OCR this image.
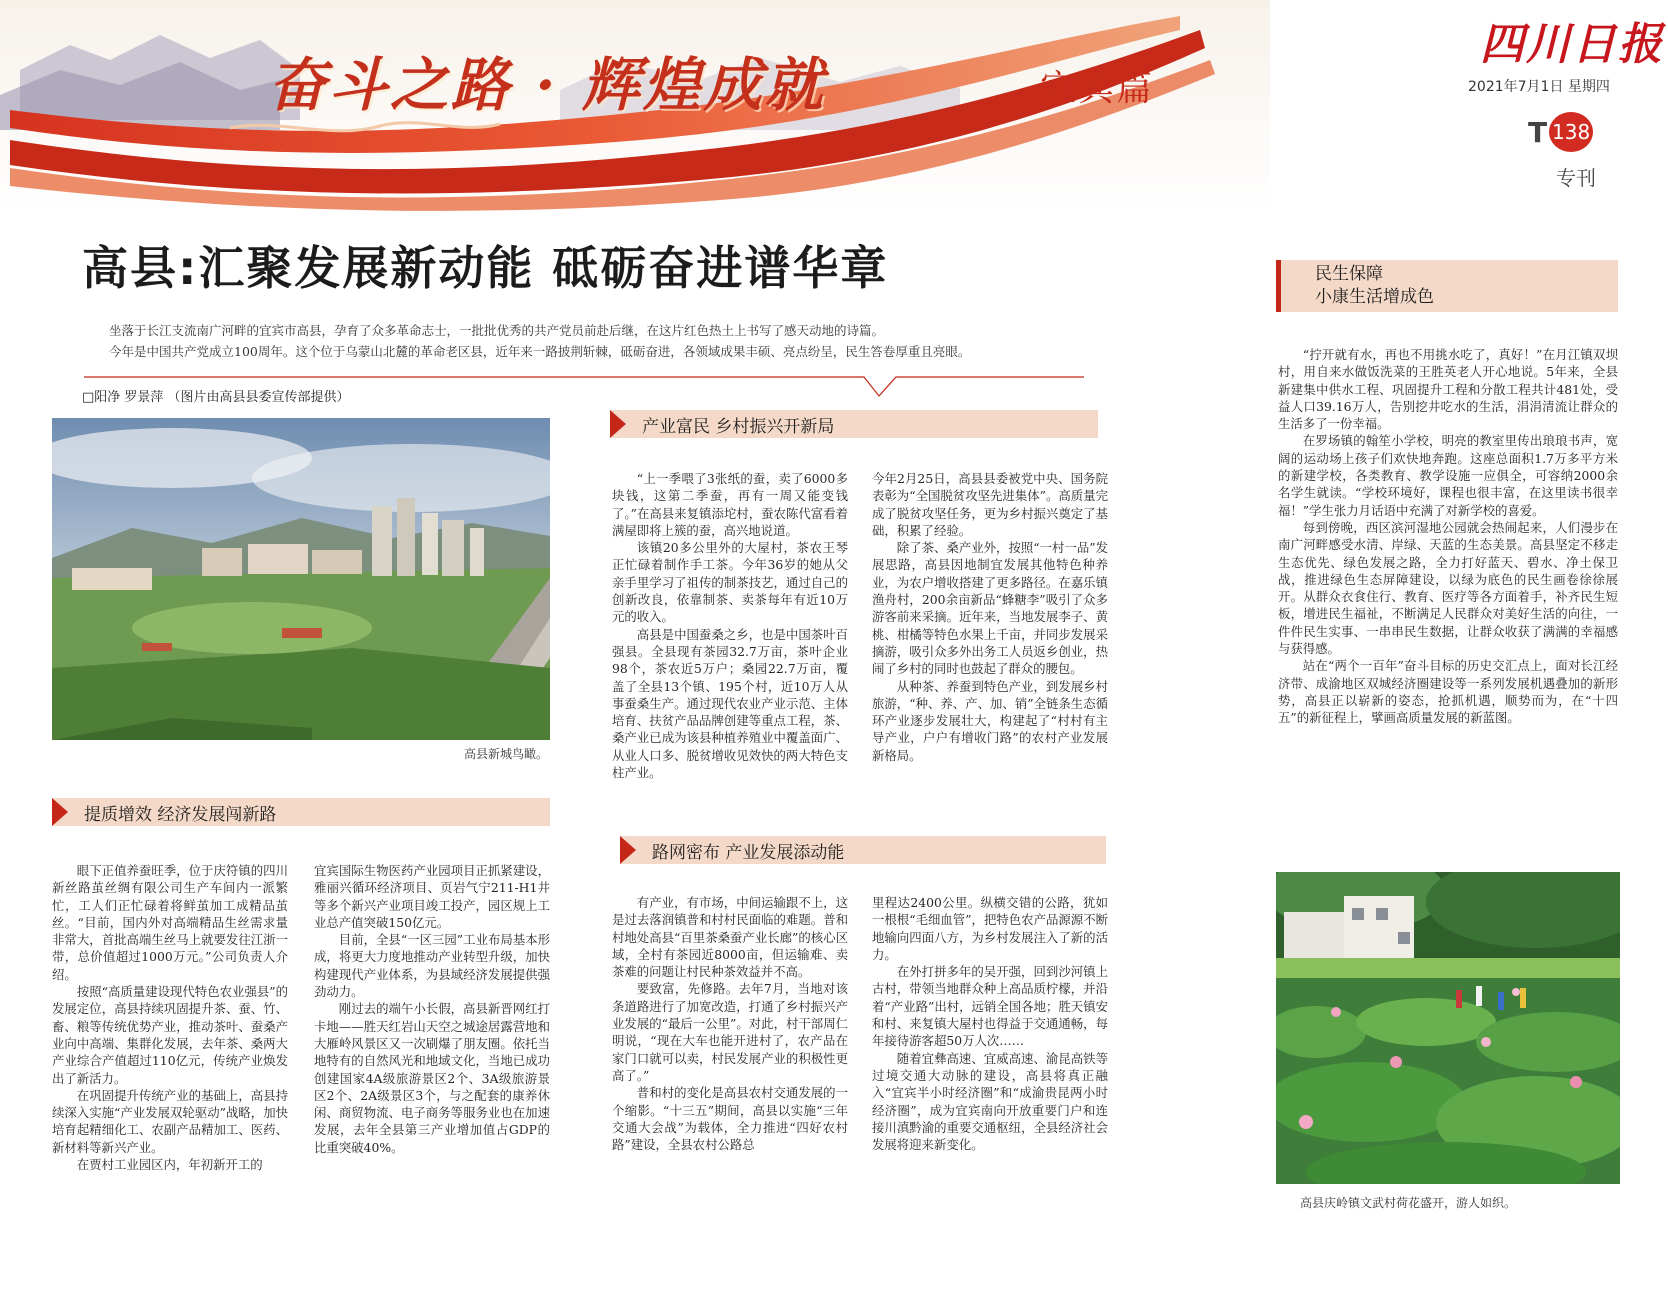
奋斗之路 · 辉煌成就	宜宾篇
四川日报
2021年7月1日 星期四
T 138
专刊
高县:汇聚发展新动能 砥砺奋进谱华章

坐落于长江支流南广河畔的宜宾市高县，孕育了众多革命志士，一批批优秀的共产党员前赴后继，在这片红色热土上书写了感天动地的诗篇。

今年是中国共产党成立100周年。这个位于乌蒙山北麓的革命老区县，近年来一路披荆斩棘，砥砺奋进，各领域成果丰硕、亮点纷呈，民生答卷厚重且亮眼。

□阳净 罗景萍 （图片由高县县委宣传部提供）
高县新城鸟瞰。
提质增效 经济发展闯新路

眼下正值养蚕旺季，位于庆符镇的四川新丝路茧丝绸有限公司生产车间内一派繁忙，工人们正忙碌着将鲜茧加工成精品茧丝。“目前，国内外对高端精品生丝需求量非常大，首批高端生丝马上就要发往江浙一带，总价值超过1000万元。”公司负责人介绍。

按照“高质量建设现代特色农业强县”的发展定位，高县持续巩固提升茶、蚕、竹、畜、粮等传统优势产业，推动茶叶、蚕桑产业向中高端、集群化发展，去年茶、桑两大产业综合产值超过110亿元，传统产业焕发出了新活力。

在巩固提升传统产业的基础上，高县持续深入实施“产业发展双轮驱动”战略，加快培育起精细化工、农副产品精加工、医药、新材料等新兴产业。

在贾村工业园区内，年初新开工的

宜宾国际生物医药产业园项目正抓紧建设，雅丽兴循环经济项目、页岩气宁211-H1井等多个新兴产业项目竣工投产，园区规上工业总产值突破150亿元。

目前，全县“一区三园”工业布局基本形成，将更大力度地推动产业转型升级，加快构建现代产业体系，为县域经济发展提供强劲动力。

刚过去的端午小长假，高县新晋网红打卡地——胜天红岩山天空之城途居露营地和大雁岭风景区又一次刷爆了朋友圈。依托当地特有的自然风光和地域文化，当地已成功创建国家4A级旅游景区2个、3A级旅游景区2个、2A级景区3个，与之配套的康养休闲、商贸物流、电子商务等服务业也在加速发展，去年全县第三产业增加值占GDP的比重突破40%。

产业富民 乡村振兴开新局

“上一季喂了3张纸的蚕，卖了6000多块钱，这第二季蚕，再有一周又能变钱了。”在高县来复镇添坨村，蚕农陈代富看着满屋即将上簇的蚕，高兴地说道。

该镇20多公里外的大屋村，茶农王琴正忙碌着制作手工茶。今年36岁的她从父亲手里学习了祖传的制茶技艺，通过自己的创新改良，依靠制茶、卖茶每年有近10万元的收入。

高县是中国蚕桑之乡，也是中国茶叶百强县。全县现有茶园32.7万亩，茶叶企业98个，茶农近5万户；桑园22.7万亩，覆盖了全县13个镇、195个村，近10万人从事蚕桑生产。通过现代农业产业示范、主体培育、扶贫产品品牌创建等重点工程，茶、桑产业已成为该县种植养殖业中覆盖面广、从业人口多、脱贫增收见效快的两大特色支柱产业。

今年2月25日，高县县委被党中央、国务院表彰为“全国脱贫攻坚先进集体”。高质量完成了脱贫攻坚任务，更为乡村振兴奠定了基础，积累了经验。

除了茶、桑产业外，按照“一村一品”发展思路，高县因地制宜发展其他特色种养业，为农户增收搭建了更多路径。在嘉乐镇渔舟村，200余亩新品“蜂糖李”吸引了众多游客前来采摘。近年来，当地发展李子、黄桃、柑橘等特色水果上千亩，并同步发展采摘游，吸引众多外出务工人员返乡创业，热闹了乡村的同时也鼓起了群众的腰包。

从种茶、养蚕到特色产业，到发展乡村旅游，“种、养、产、加、销”全链条生态循环产业逐步发展壮大，构建起了“村村有主导产业，户户有增收门路”的农村产业发展新格局。

路网密布 产业发展添动能

有产业，有市场，中间运输跟不上，这是过去落润镇普和村村民面临的难题。普和村地处高县“百里茶桑蚕产业长廊”的核心区域，全村有茶园近8000亩，但运输难、卖茶难的问题让村民种茶效益并不高。

要致富，先修路。去年7月，当地对该条道路进行了加宽改造，打通了乡村振兴产业发展的“最后一公里”。对此，村干部周仁明说，“现在大车也能开进村了，农产品在家门口就可以卖，村民发展产业的积极性更高了。”

普和村的变化是高县农村交通发展的一个缩影。“十三五”期间，高县以实施“三年交通大会战”为载体，全力推进“四好农村路”建设，全县农村公路总

里程达2400公里。纵横交错的公路，犹如一根根“毛细血管”，把特色农产品源源不断地输向四面八方，为乡村发展注入了新的活力。

在外打拼多年的吴开强，回到沙河镇上古村，带领当地群众种上高品质柠檬，并沿着“产业路”出村，远销全国各地；胜天镇安和村、来复镇大屋村也得益于交通通畅，每年接待游客超50万人次……

随着宜彝高速、宜威高速、渝昆高铁等过境交通大动脉的建设，高县将真正融入“宜宾半小时经济圈”和“成渝贵昆两小时经济圈”，成为宜宾南向开放重要门户和连接川滇黔渝的重要交通枢纽，全县经济社会发展将迎来新变化。

民生保障
小康生活增成色

“拧开就有水，再也不用挑水吃了，真好！”在月江镇双坝村，用自来水做饭洗菜的王胜英老人开心地说。5年来，全县新建集中供水工程、巩固提升工程和分散工程共计481处，受益人口39.16万人，告别挖井吃水的生活，涓涓清流让群众的生活多了一份幸福。

在罗场镇的翰笙小学校，明亮的教室里传出琅琅书声，宽阔的运动场上孩子们欢快地奔跑。这座总面积1.7万多平方米的新建学校，各类教育、教学设施一应俱全，可容纳2000余名学生就读。“学校环境好，课程也很丰富，在这里读书很幸福！”学生张力月话语中充满了对新学校的喜爱。

每到傍晚，西区滨河湿地公园就会热闹起来，人们漫步在南广河畔感受水清、岸绿、天蓝的生态美景。高县坚定不移走生态优先、绿色发展之路，全力打好蓝天、碧水、净土保卫战，推进绿色生态屏障建设，以绿为底色的民生画卷徐徐展开。从群众衣食住行、教育、医疗等各方面着手，补齐民生短板，增进民生福祉，不断满足人民群众对美好生活的向往，一件件民生实事、一串串民生数据，让群众收获了满满的幸福感与获得感。

站在“两个一百年”奋斗目标的历史交汇点上，面对长江经济带、成渝地区双城经济圈建设等一系列发展机遇叠加的新形势，高县正以崭新的姿态，抢抓机遇，顺势而为，在“十四五”的新征程上，擘画高质量发展的新蓝图。

高县庆岭镇文武村荷花盛开，游人如织。
